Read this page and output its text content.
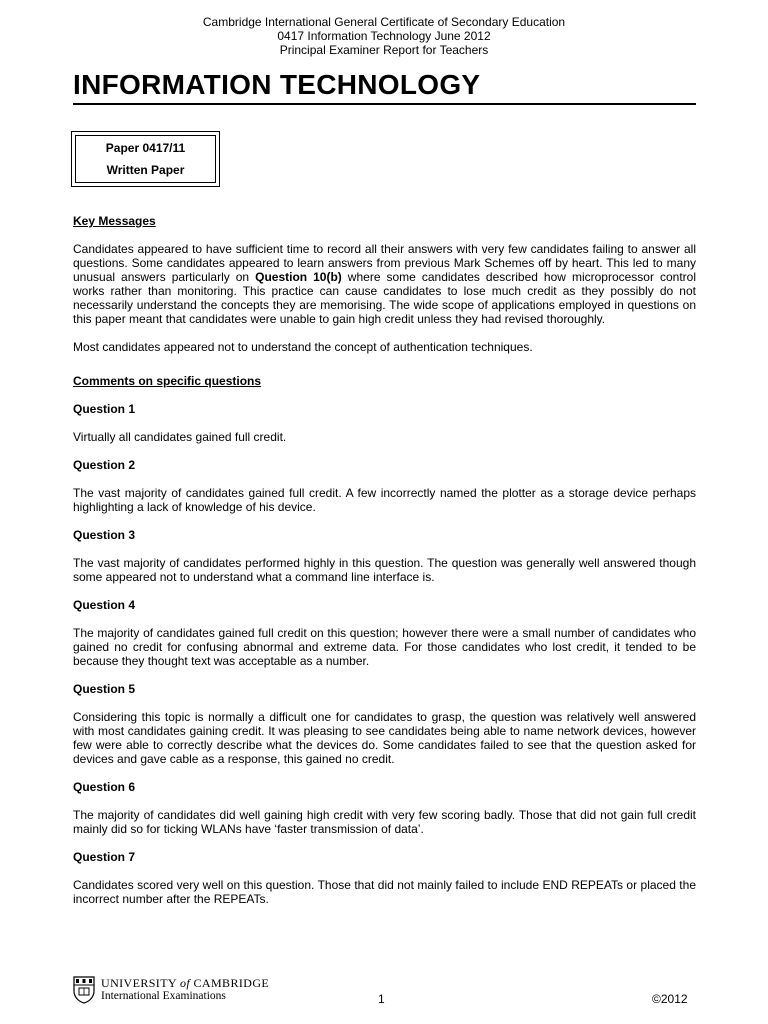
Cambridge International General Certificate of Secondary Education
0417 Information Technology June 2012
Principal Examiner Report for Teachers
INFORMATION TECHNOLOGY
Paper 0417/11
Written Paper
Key Messages

Candidates appeared to have sufficient time to record all their answers with very few candidates failing to answer all questions. Some candidates appeared to learn answers from previous Mark Schemes off by heart. This led to many unusual answers particularly on Question 10(b) where some candidates described how microprocessor control works rather than monitoring. This practice can cause candidates to lose much credit as they possibly do not necessarily understand the concepts they are memorising. The wide scope of applications employed in questions on this paper meant that candidates were unable to gain high credit unless they had revised thoroughly.

Most candidates appeared not to understand the concept of authentication techniques.

Comments on specific questions
Question 1

Virtually all candidates gained full credit.

Question 2

The vast majority of candidates gained full credit. A few incorrectly named the plotter as a storage device perhaps highlighting a lack of knowledge of his device.

Question 3

The vast majority of candidates performed highly in this question. The question was generally well answered though some appeared not to understand what a command line interface is.

Question 4

The majority of candidates gained full credit on this question; however there were a small number of candidates who gained no credit for confusing abnormal and extreme data. For those candidates who lost credit, it tended to be because they thought text was acceptable as a number.

Question 5

Considering this topic is normally a difficult one for candidates to grasp, the question was relatively well answered with most candidates gaining credit. It was pleasing to see candidates being able to name network devices, however few were able to correctly describe what the devices do. Some candidates failed to see that the question asked for devices and gave cable as a response, this gained no credit.

Question 6

The majority of candidates did well gaining high credit with very few scoring badly. Those that did not gain full credit mainly did so for ticking WLANs have ‘faster transmission of data’.

Question 7

Candidates scored very well on this question. Those that did not mainly failed to include END REPEATs or placed the incorrect number after the REPEATs.

UNIVERSITY of CAMBRIDGE
International Examinations	1	©2012
